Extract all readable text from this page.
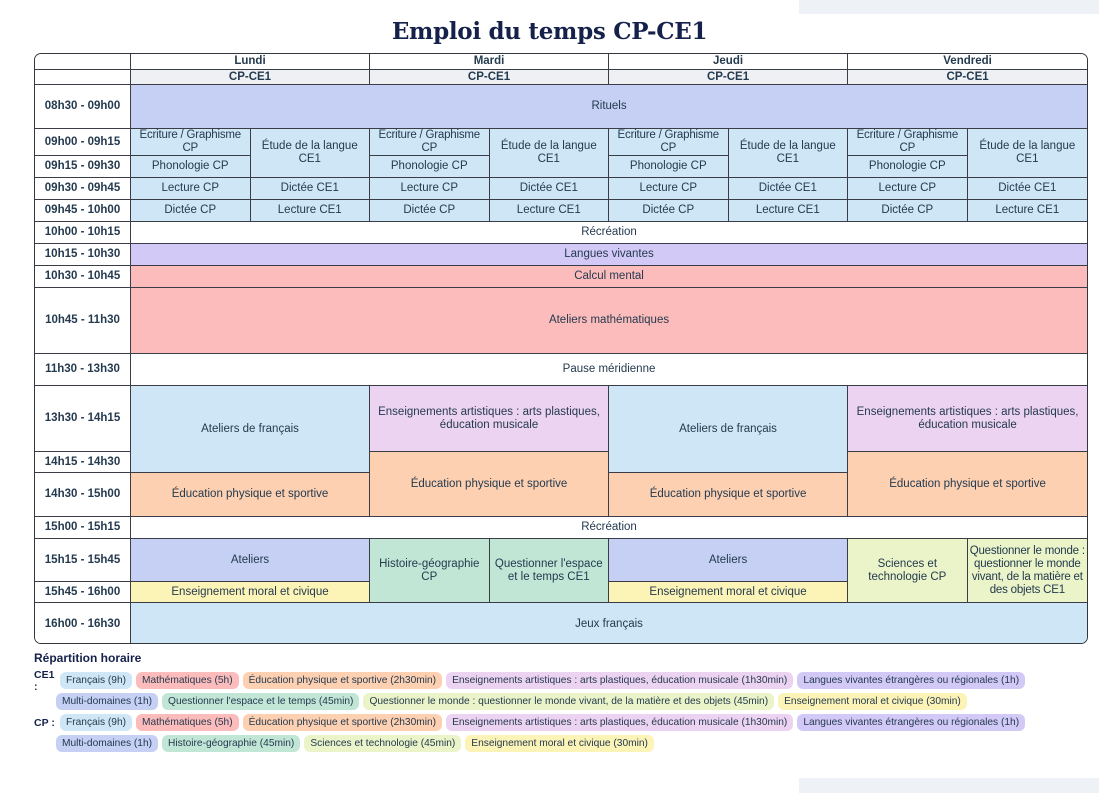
Emploi du temps CP-CE1
	Lundi		Mardi		Jeudi		Vendredi	
	CP-CE1		CP-CE1		CP-CE1		CP-CE1	
08h30 - 09h00	Rituels							
09h00 - 09h15	Écriture / Graphisme CP	Étude de la langue CE1	Écriture / Graphisme CP	Étude de la langue CE1	Écriture / Graphisme CP	Étude de la langue CE1	Écriture / Graphisme CP	Étude de la langue CE1
09h15 - 09h30	Phonologie CP		Phonologie CP		Phonologie CP		Phonologie CP	
09h30 - 09h45	Lecture CP	Dictée CE1	Lecture CP	Dictée CE1	Lecture CP	Dictée CE1	Lecture CP	Dictée CE1
09h45 - 10h00	Dictée CP	Lecture CE1	Dictée CP	Lecture CE1	Dictée CP	Lecture CE1	Dictée CP	Lecture CE1
10h00 - 10h15	Récréation							
10h15 - 10h30	Langues vivantes							
10h30 - 10h45	Calcul mental							
10h45 - 11h30	Ateliers mathématiques							
11h30 - 13h30	Pause méridienne							
13h30 - 14h15	Ateliers de français		Enseignements artistiques : arts plastiques, éducation musicale		Ateliers de français		Enseignements artistiques : arts plastiques, éducation musicale	
14h15 - 14h30			Éducation physique et sportive				Éducation physique et sportive	
14h30 - 15h00	Éducation physique et sportive				Éducation physique et sportive			
15h00 - 15h15	Récréation							
15h15 - 15h45	Ateliers		Histoire-géographie CP	Questionner l'espace et le temps CE1	Ateliers		Sciences et technologie CP	Questionner le monde : questionner le monde vivant, de la matière et des objets CE1
15h45 - 16h00	Enseignement moral et civique				Enseignement moral et civique			
16h00 - 16h30	Jeux français							
Répartition horaire
CE1 :	Français (9h)	Mathématiques (5h)	Éducation physique et sportive (2h30min)	Enseignements artistiques : arts plastiques, éducation musicale (1h30min)	Langues vivantes étrangères ou régionales (1h)
Multi-domaines (1h)	Questionner l'espace et le temps (45min)	Questionner le monde : questionner le monde vivant, de la matière et des objets (45min)	Enseignement moral et civique (30min)
CP :	Français (9h)	Mathématiques (5h)	Éducation physique et sportive (2h30min)	Enseignements artistiques : arts plastiques, éducation musicale (1h30min)	Langues vivantes étrangères ou régionales (1h)
Multi-domaines (1h)	Histoire-géographie (45min)	Sciences et technologie (45min)	Enseignement moral et civique (30min)
